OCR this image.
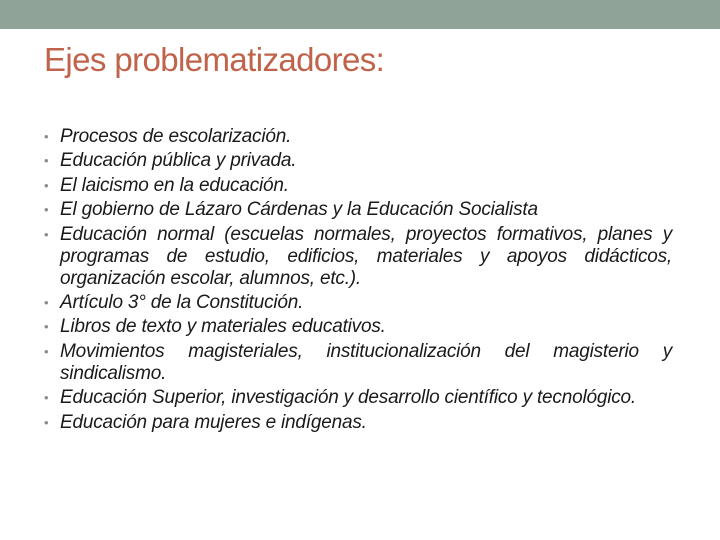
Ejes problematizadores:
• Procesos de escolarización.
• Educación pública y privada.
• El laicismo en la educación.
• El gobierno de Lázaro Cárdenas y la Educación Socialista
• Educación normal (escuelas normales, proyectos formativos, planes y programas de estudio, edificios, materiales y apoyos didácticos, organización escolar, alumnos, etc.).
• Artículo 3° de la Constitución.
• Libros de texto y materiales educativos.
• Movimientos magisteriales, institucionalización del magisterio y sindicalismo.
• Educación Superior, investigación y desarrollo científico y tecnológico.
• Educación para mujeres e indígenas.
